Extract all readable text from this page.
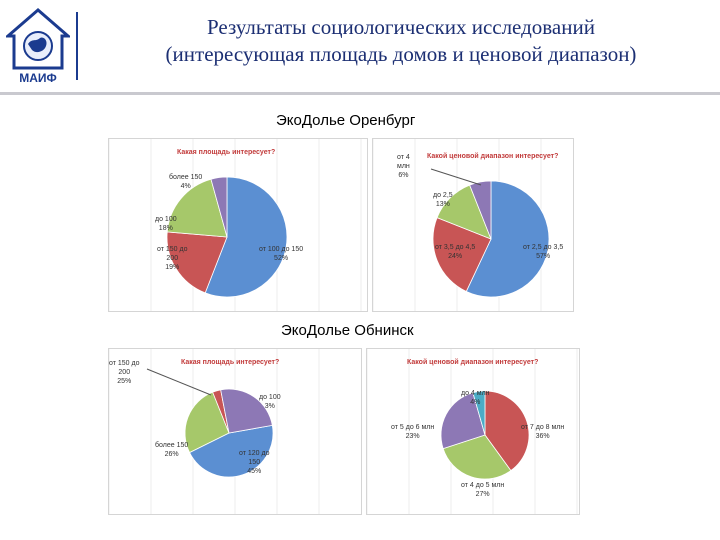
МАИФ
Результаты социологических исследований
(интересующая площадь домов и ценовой диапазон)
ЭкоДолье Оренбург
ЭкоДолье Обнинск
Какая площадь интересует?
от 100 до 150
52%
от 150 до
200
19%
до 100
18%
более 150
4%
Какой ценовой диапазон интересует?
от 2,5 до 3,5
57%
от 3,5 до 4,5
24%
до 2,5
13%
от 4
млн
6%
Какая площадь интересует?
от 120 до
150
45%
более 150
26%
до 100
3%
от 150 до
200
25%
Какой ценовой диапазон интересует?
от 7 до 8 млн
36%
от 4 до 5 млн
27%
от 5 до 6 млн
23%
до 4 млн
4%
